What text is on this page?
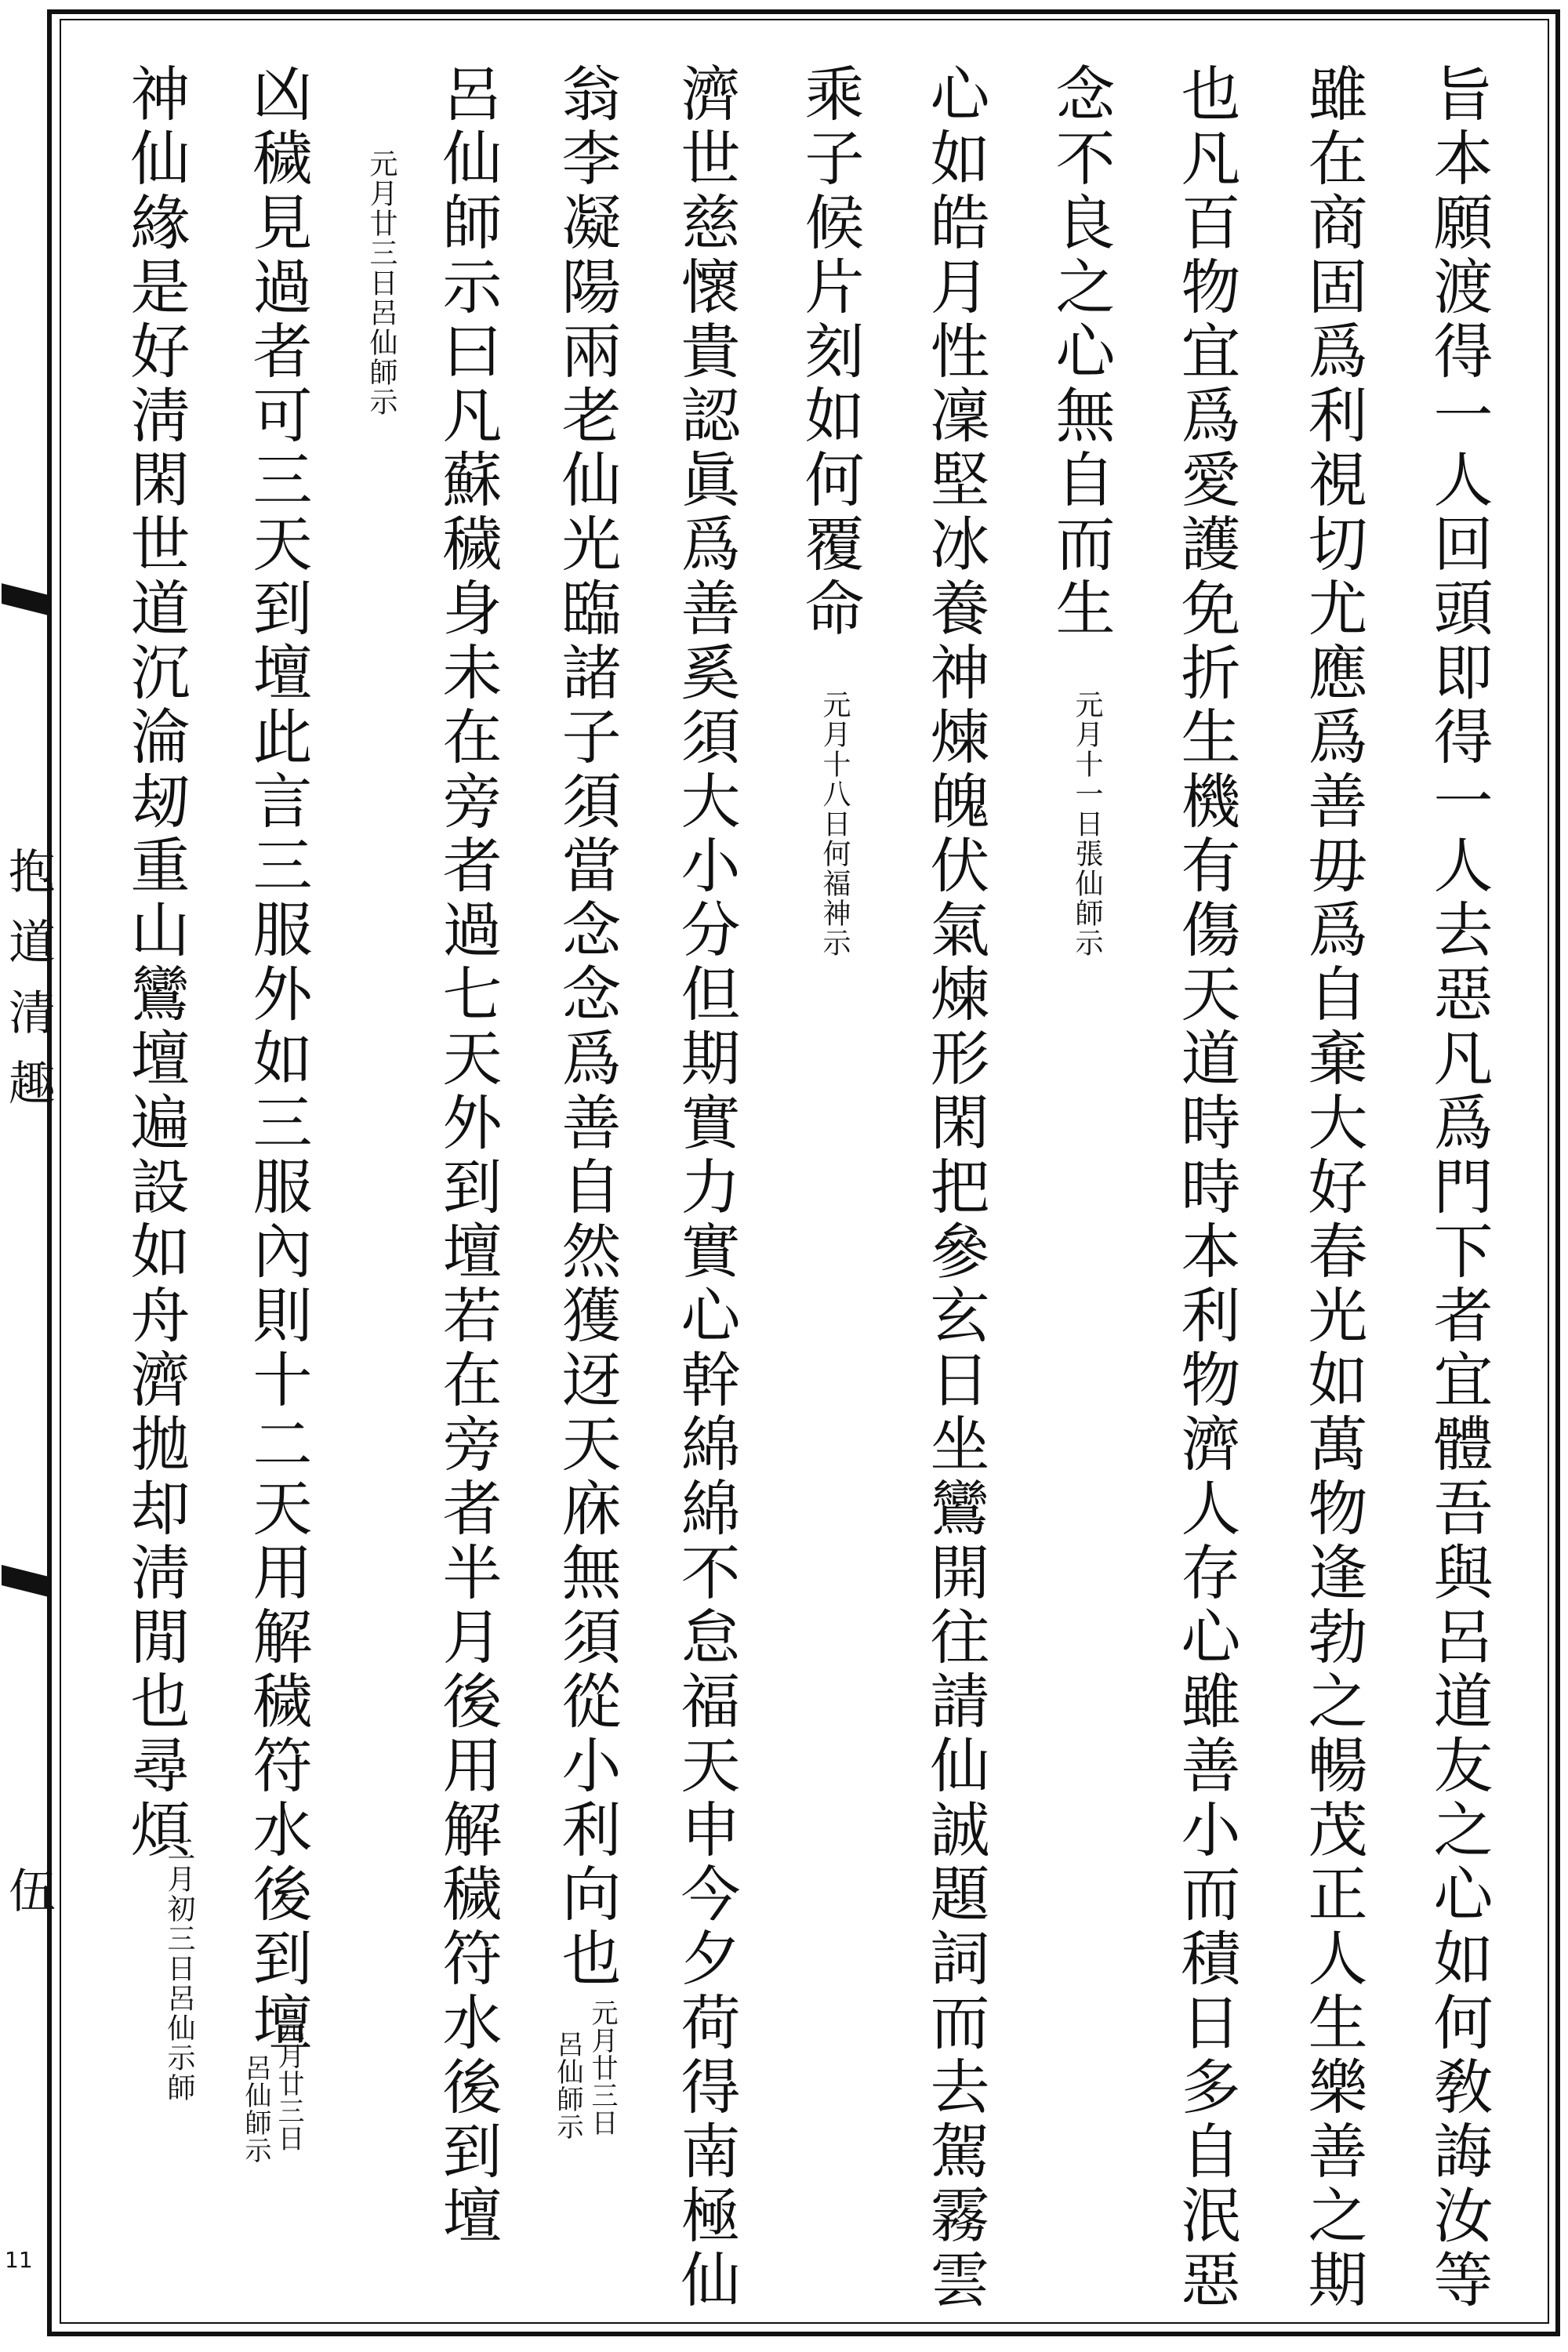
抱道清趣
伍
11	旨本願渡得一人回頭即得一人去惡凡爲門下者宜體吾與呂道友之心如何敎誨汝等
雖在商固爲利視切尤應爲善毋爲自棄大好春光如萬物逢勃之暢茂正人生樂善之期
也凡百物宜爲愛護免折生機有傷天道時時本利物濟人存心雖善小而積日多自泯惡
念不良之心無自而生
元月十一日張仙師示
心如皓月性凜堅冰養神煉魄伏氣煉形閑把參玄日坐鸞開往請仙誠題詞而去駕霧雲
乘子候片刻如何覆命
元月十八日何福神示
濟世慈懷貴認眞爲善奚須大小分但期實力實心幹綿綿不怠福天申今夕荷得南極仙
翁李凝陽兩老仙光臨諸子須當念念爲善自然獲迓天庥無須從小利向也
元月廿三日
呂仙師示
呂仙師示曰凡蘇穢身未在旁者過七天外到壇若在旁者半月後用解穢符水後到壇
元月廿三日呂仙師示
凶穢見過者可三天到壇此言三服外如三服內則十二天用解穢符水後到壇
元月廿三日
呂仙師示
神仙緣是好淸閑世道沉淪刼重山鸞壇遍設如舟濟拋却淸閒也尋煩
二月初三日呂仙示師
